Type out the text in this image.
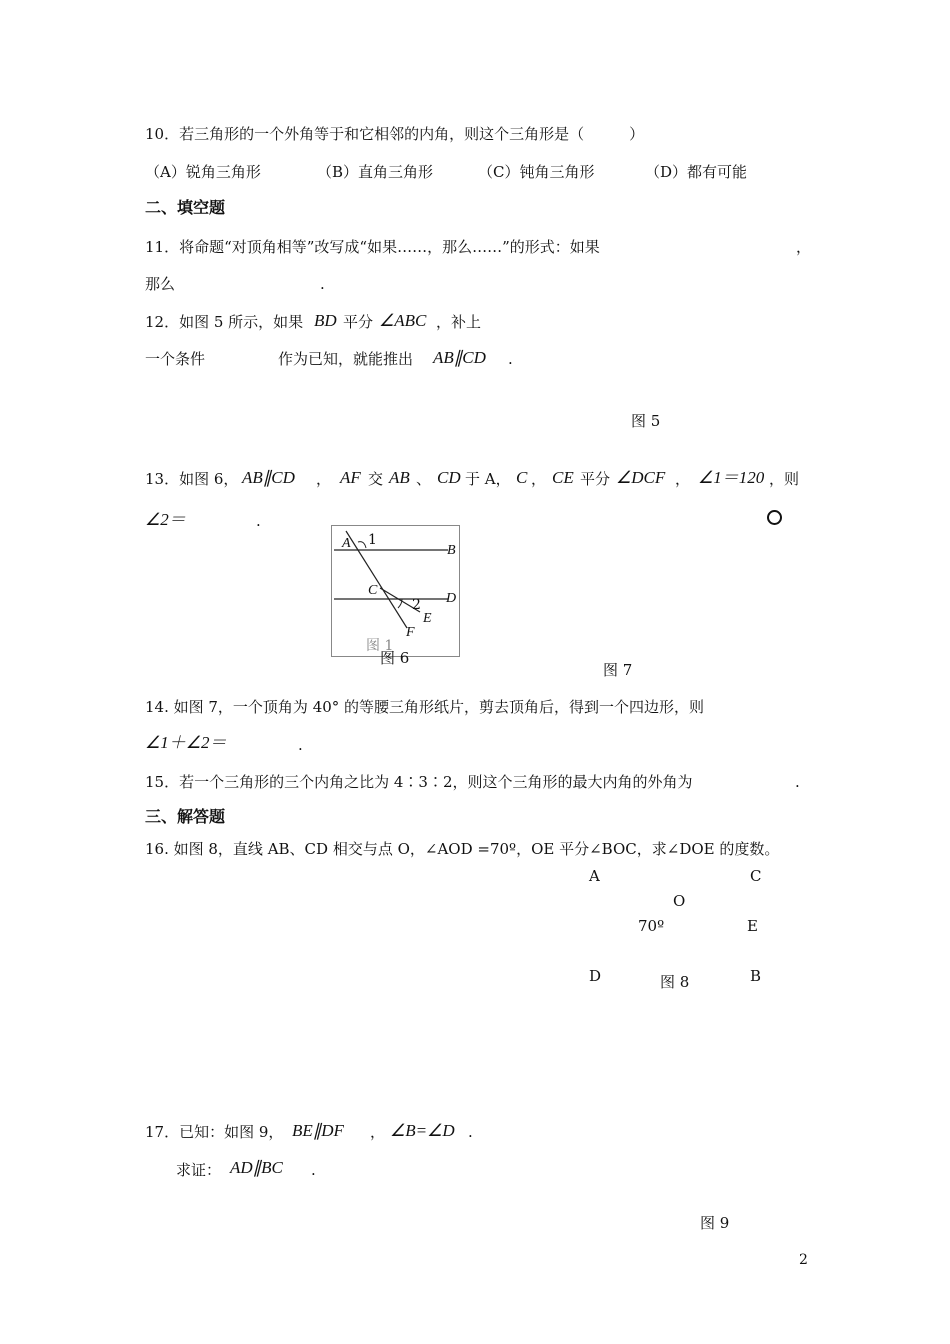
10．若三角形的一个外角等于和它相邻的内角，则这个三角形是（　　　）
（A）锐角三角形	（B）直角三角形	（C）钝角三角形	（D）都有可能
二、填空题
11．将命题“对顶角相等”改写成“如果……，那么……”的形式：如果	，
那么	.
12．如图 5 所示，如果 BD 平分 ∠ABC ，补上
一个条件	作为已知，就能推出 AB∥CD .
图 5
13．如图 6， AB∥CD ， AF 交 AB 、 CD 于 A， C ， CE 平分 ∠DCF ， ∠1＝120 ，则
∠2＝	.
A 1
B
C
2 D
E
F
图 1
图 6
图 7
14. 如图 7，一个顶角为 40° 的等腰三角形纸片，剪去顶角后，得到一个四边形，则
∠1＋∠2＝	.
15．若一个三角形的三个内角之比为 4∶3∶2，则这个三角形的最大内角的外角为	.
三、解答题
16. 如图 8，直线 AB、CD 相交与点 O，∠AOD =70º，OE 平分∠BOC，求∠DOE 的度数。
A	C
O
70º	E
D	图 8	B
17．已知：如图 9， BE∥DF ， ∠B=∠D .
求证： AD∥BC .
图 9
2
